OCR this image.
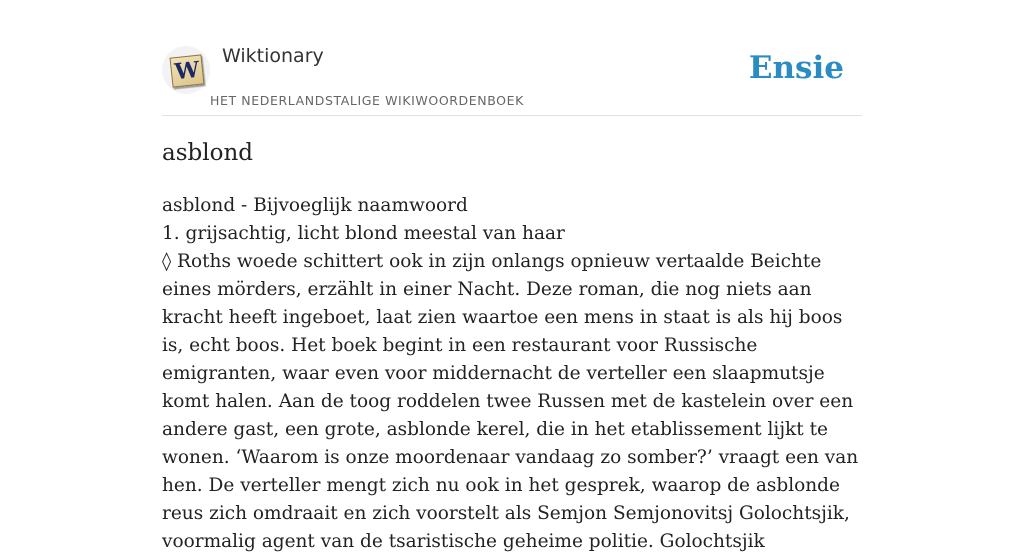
W
Wiktionary
HET NEDERLANDSTALIGE WIKIWOORDENBOEK
Ensie
asblond

asblond - Bijvoeglijk naamwoord

1. grijsachtig, licht blond meestal van haar

◊ Roths woede schittert ook in zijn onlangs opnieuw vertaalde Beichte eines mörders, erzählt in einer Nacht. Deze roman, die nog niets aan kracht heeft ingeboet, laat zien waartoe een mens in staat is als hij boos is, echt boos. Het boek begint in een restaurant voor Russische emigranten, waar even voor middernacht de verteller een slaapmutsje komt halen. Aan de toog roddelen twee Russen met de kastelein over een andere gast, een grote, asblonde kerel, die in het etablissement lijkt te wonen. ‘Waarom is onze moordenaar vandaag zo somber?’ vraagt een van hen. De verteller mengt zich nu ook in het gesprek, waarop de asblonde reus zich omdraait en zich voorstelt als Semjon Semjonovitsj Golochtsjik, voormalig agent van de tsaristische geheime politie. Golochtsjik
